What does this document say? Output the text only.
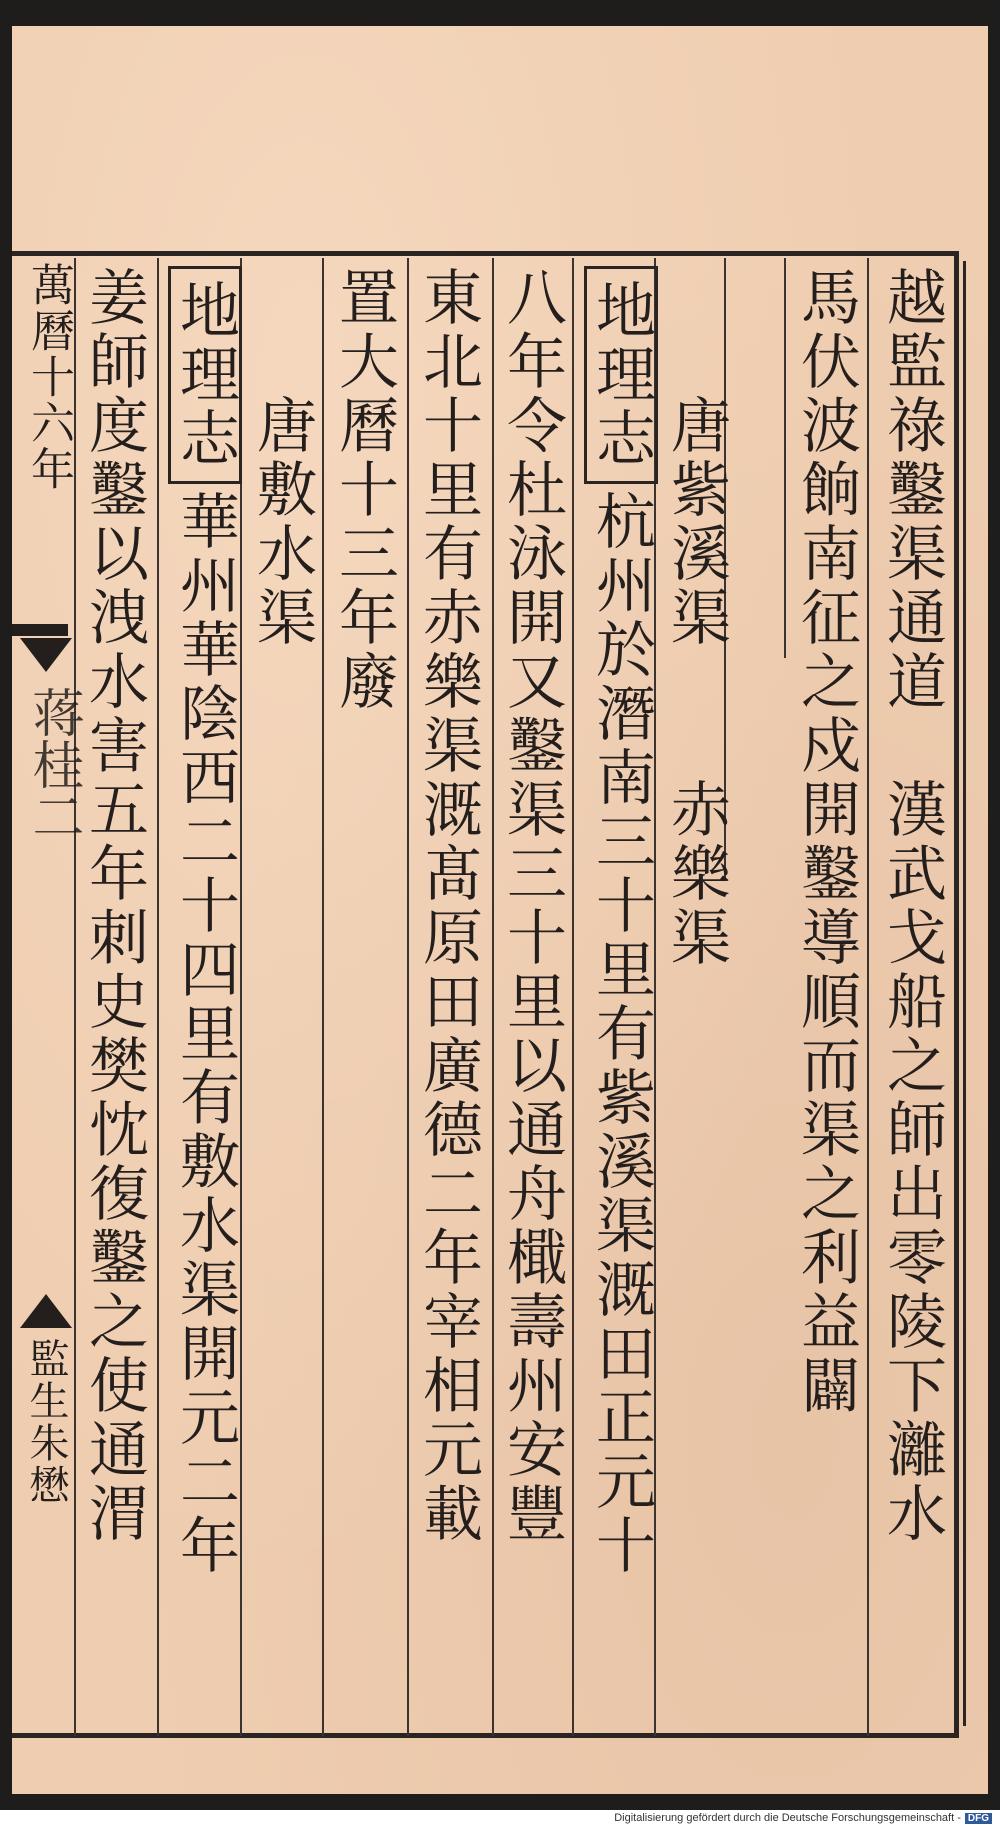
越監祿鑿渠通道　漢武戈船之師出零陵下灕水
馬伏波餉南征之戍開鑿導順而渠之利益闢
　　唐紫溪渠　　赤樂渠
地理志杭州於潛南三十里有紫溪渠溉田正元十
八年令杜泳開又鑿渠三十里以通舟檝壽州安豐
東北十里有赤樂渠溉髙原田廣德二年宰相元載
置大曆十三年廢
　　唐敷水渠
地理志華州華陰西二十四里有敷水渠開元二年
姜師度鑿以洩水害五年刺史樊忱復鑿之使通渭
萬曆十六年
蒋桂二
監生朱懋
Digitalisierung gefördert durch die Deutsche Forschungsgemeinschaft - DFG
